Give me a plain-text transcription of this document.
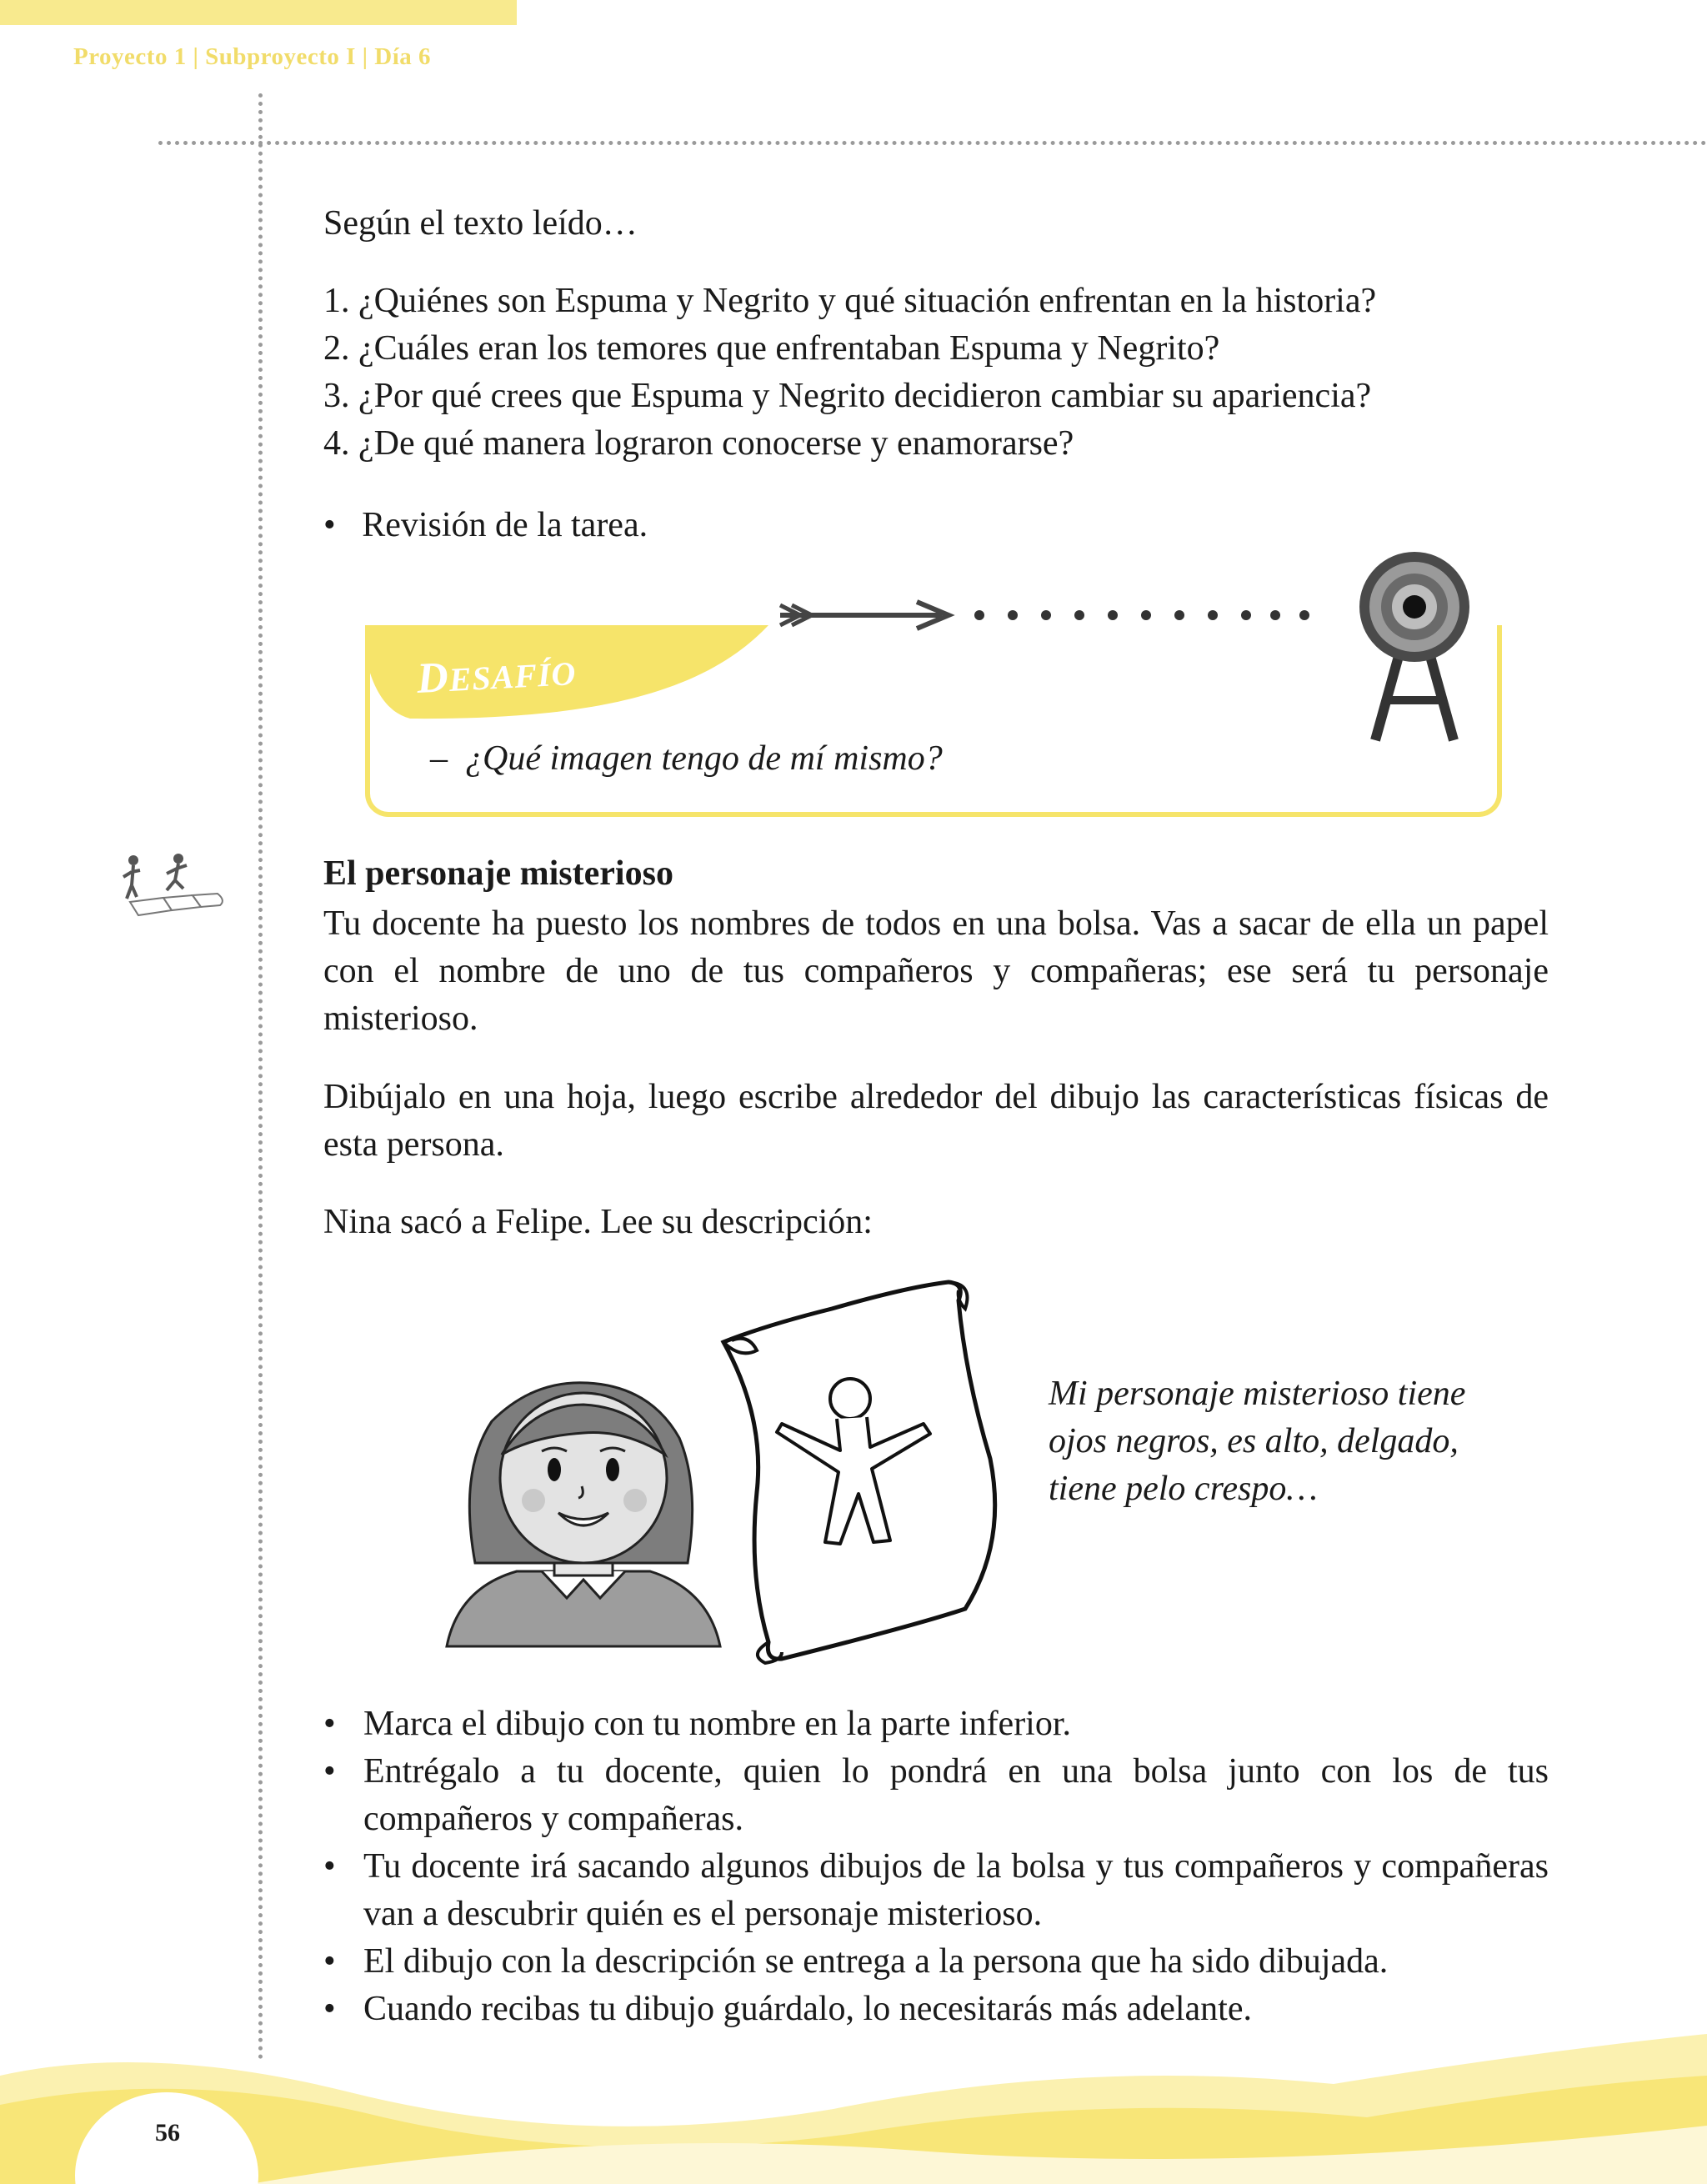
Proyecto 1 | Subproyecto I | Día 6
Según el texto leído…
1. ¿Quiénes son Espuma y Negrito y qué situación enfrentan en la historia?
2. ¿Cuáles eran los temores que enfrentaban Espuma y Negrito?
3. ¿Por qué crees que Espuma y Negrito decidieron cambiar su apariencia?
4. ¿De qué manera lograron conocerse y enamorarse?
• Revisión de la tarea.
DESAFÍO
– ¿Qué imagen tengo de mí mismo?
El personaje misterioso
Tu docente ha puesto los nombres de todos en una bolsa. Vas a sacar de ella un papel con el nombre de uno de tus compañeros y compañeras; ese será tu personaje misterioso.
Dibújalo en una hoja, luego escribe alrededor del dibujo las características físicas de esta persona.
Nina sacó a Felipe. Lee su descripción:
Mi personaje misterioso tiene
ojos negros, es alto, delgado,
tiene pelo crespo…
• Marca el dibujo con tu nombre en la parte inferior.
• Entrégalo a tu docente, quien lo pondrá en una bolsa junto con los de tus compañeros y compañeras.
• Tu docente irá sacando algunos dibujos de la bolsa y tus compañeros y compañeras van a descubrir quién es el personaje misterioso.
• El dibujo con la descripción se entrega a la persona que ha sido dibujada.
• Cuando recibas tu dibujo guárdalo, lo necesitarás más adelante.
56
